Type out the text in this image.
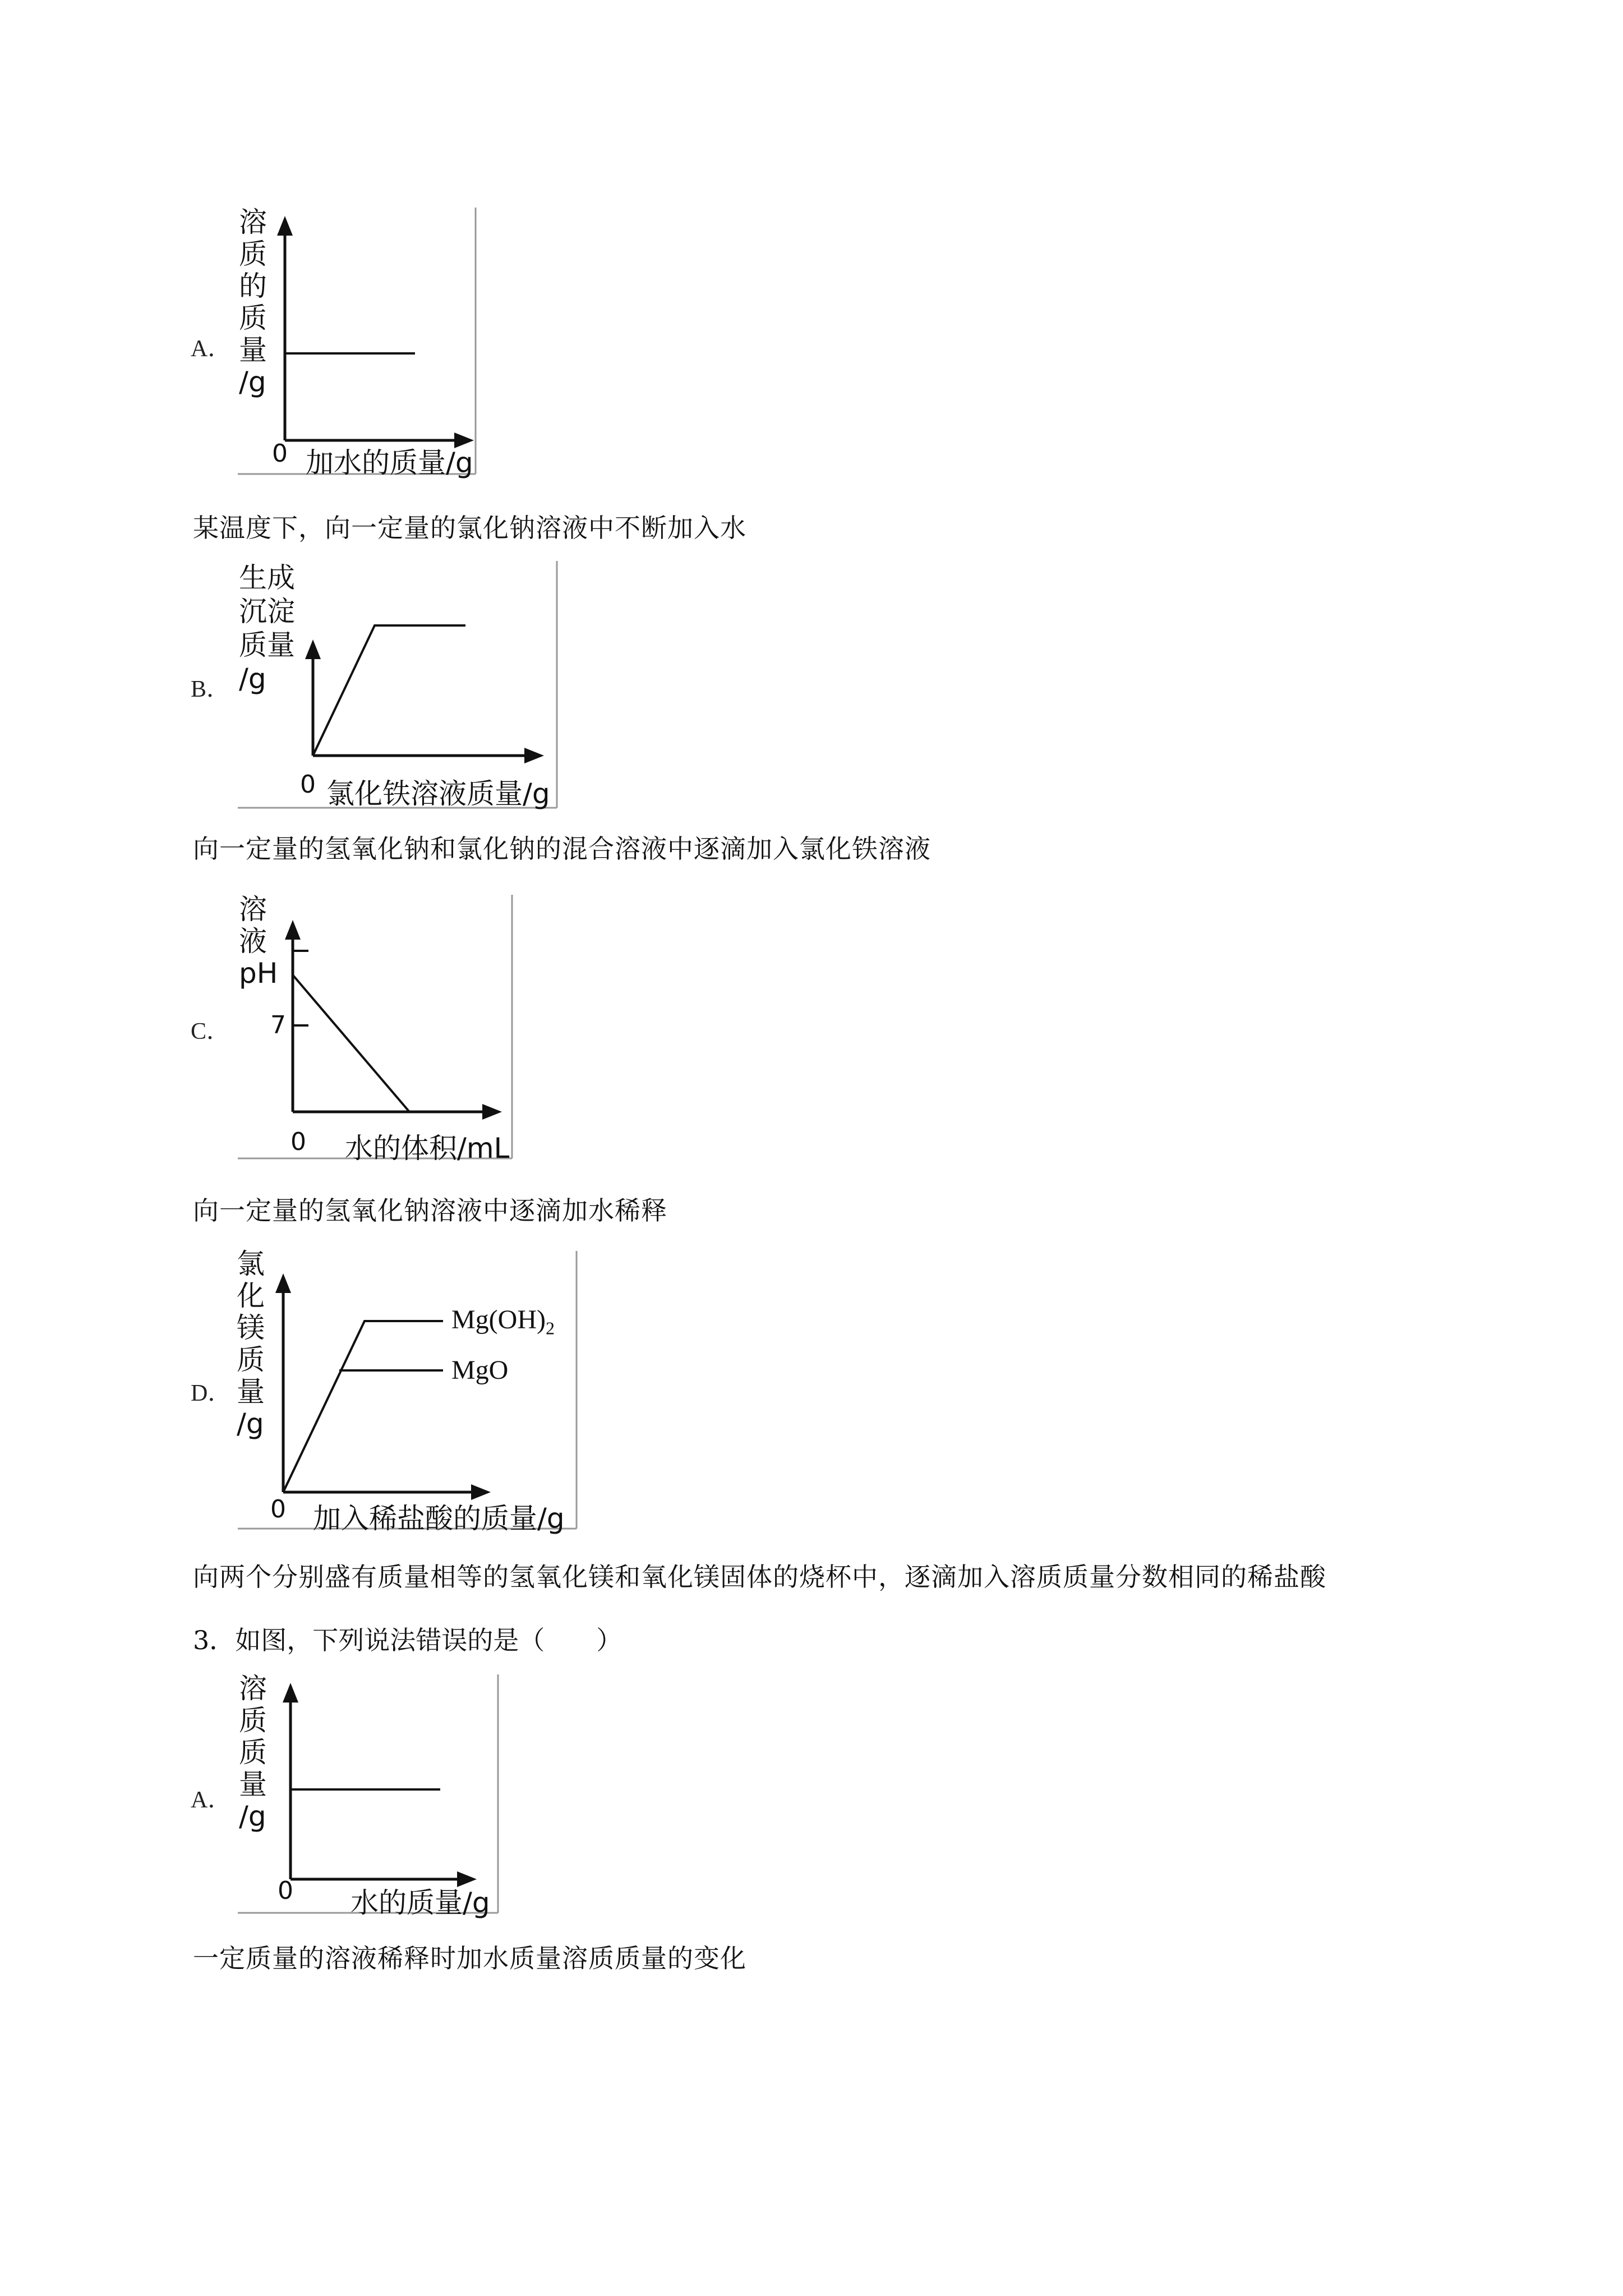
A．
溶
质
的
质
量
/g
0 加水的质量/g
某温度下，向一定量的氯化钠溶液中不断加入水
B．
生成
沉淀
质量
/g
0 氯化铁溶液质量/g
向一定量的氢氧化钠和氯化钠的混合溶液中逐滴加入氯化铁溶液
C．
溶
液
pH
7
0 水的体积/mL
向一定量的氢氧化钠溶液中逐滴加水稀释
D．
氯
化
镁
质
量
/g
$Mg(OH)_2$
MgO
0 加入稀盐酸的质量/g
向两个分别盛有质量相等的氢氧化镁和氧化镁固体的烧杯中，逐滴加入溶质质量分数相同的稀盐酸
3．如图，下列说法错误的是（　　）
A．
溶
质
质
量
/g
0 水的质量/g
一定质量的溶液稀释时加水质量溶质质量的变化
